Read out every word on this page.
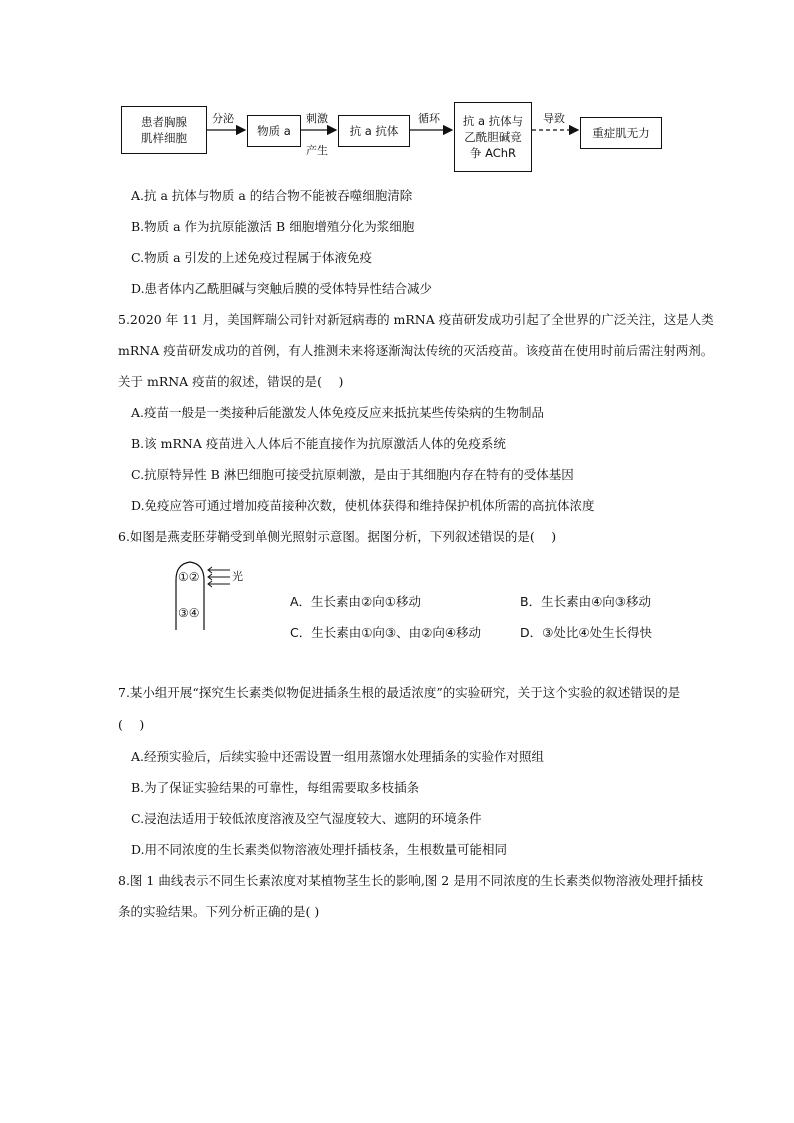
患者胸腺
肌样细胞
分泌
物质 a
刺激
产生
抗 a 抗体
循环 抗 a 抗体与
乙酰胆碱竞
争 AChR
导致
重症肌无力
A.抗 a 抗体与物质 a 的结合物不能被吞噬细胞清除
B.物质 a 作为抗原能激活 B 细胞增殖分化为浆细胞
C.物质 a 引发的上述免疫过程属于体液免疫
D.患者体内乙酰胆碱与突触后膜的受体特异性结合减少
5.2020 年 11 月，美国辉瑞公司针对新冠病毒的 mRNA 疫苗研发成功引起了全世界的广泛关注，这是人类
mRNA 疫苗研发成功的首例，有人推测未来将逐渐淘汰传统的灭活疫苗。该疫苗在使用时前后需注射两剂。
关于 mRNA 疫苗的叙述，错误的是(　 )
A.疫苗一般是一类接种后能激发人体免疫反应来抵抗某些传染病的生物制品
B.该 mRNA 疫苗进入人体后不能直接作为抗原激活人体的免疫系统
C.抗原特异性 B 淋巴细胞可接受抗原刺激，是由于其细胞内存在特有的受体基因
D.免疫应答可通过增加疫苗接种次数，使机体获得和维持保护机体所需的高抗体浓度
6.如图是燕麦胚芽鞘受到单侧光照射示意图。据图分析，下列叙述错误的是(　 )
①②
③④
光
A．生长素由②向①移动	B．生长素由④向③移动
C．生长素由①向③、由②向④移动	D．③处比④处生长得快
7.某小组开展“探究生长素类似物促进插条生根的最适浓度”的实验研究，关于这个实验的叙述错误的是
(　 )
A.经预实验后，后续实验中还需设置一组用蒸馏水处理插条的实验作对照组
B.为了保证实验结果的可靠性，每组需要取多枝插条
C.浸泡法适用于较低浓度溶液及空气湿度较大、遮阴的环境条件
D.用不同浓度的生长素类似物溶液处理扦插枝条，生根数量可能相同
8.图 1 曲线表示不同生长素浓度对某植物茎生长的影响,图 2 是用不同浓度的生长素类似物溶液处理扦插枝
条的实验结果。下列分析正确的是( )
